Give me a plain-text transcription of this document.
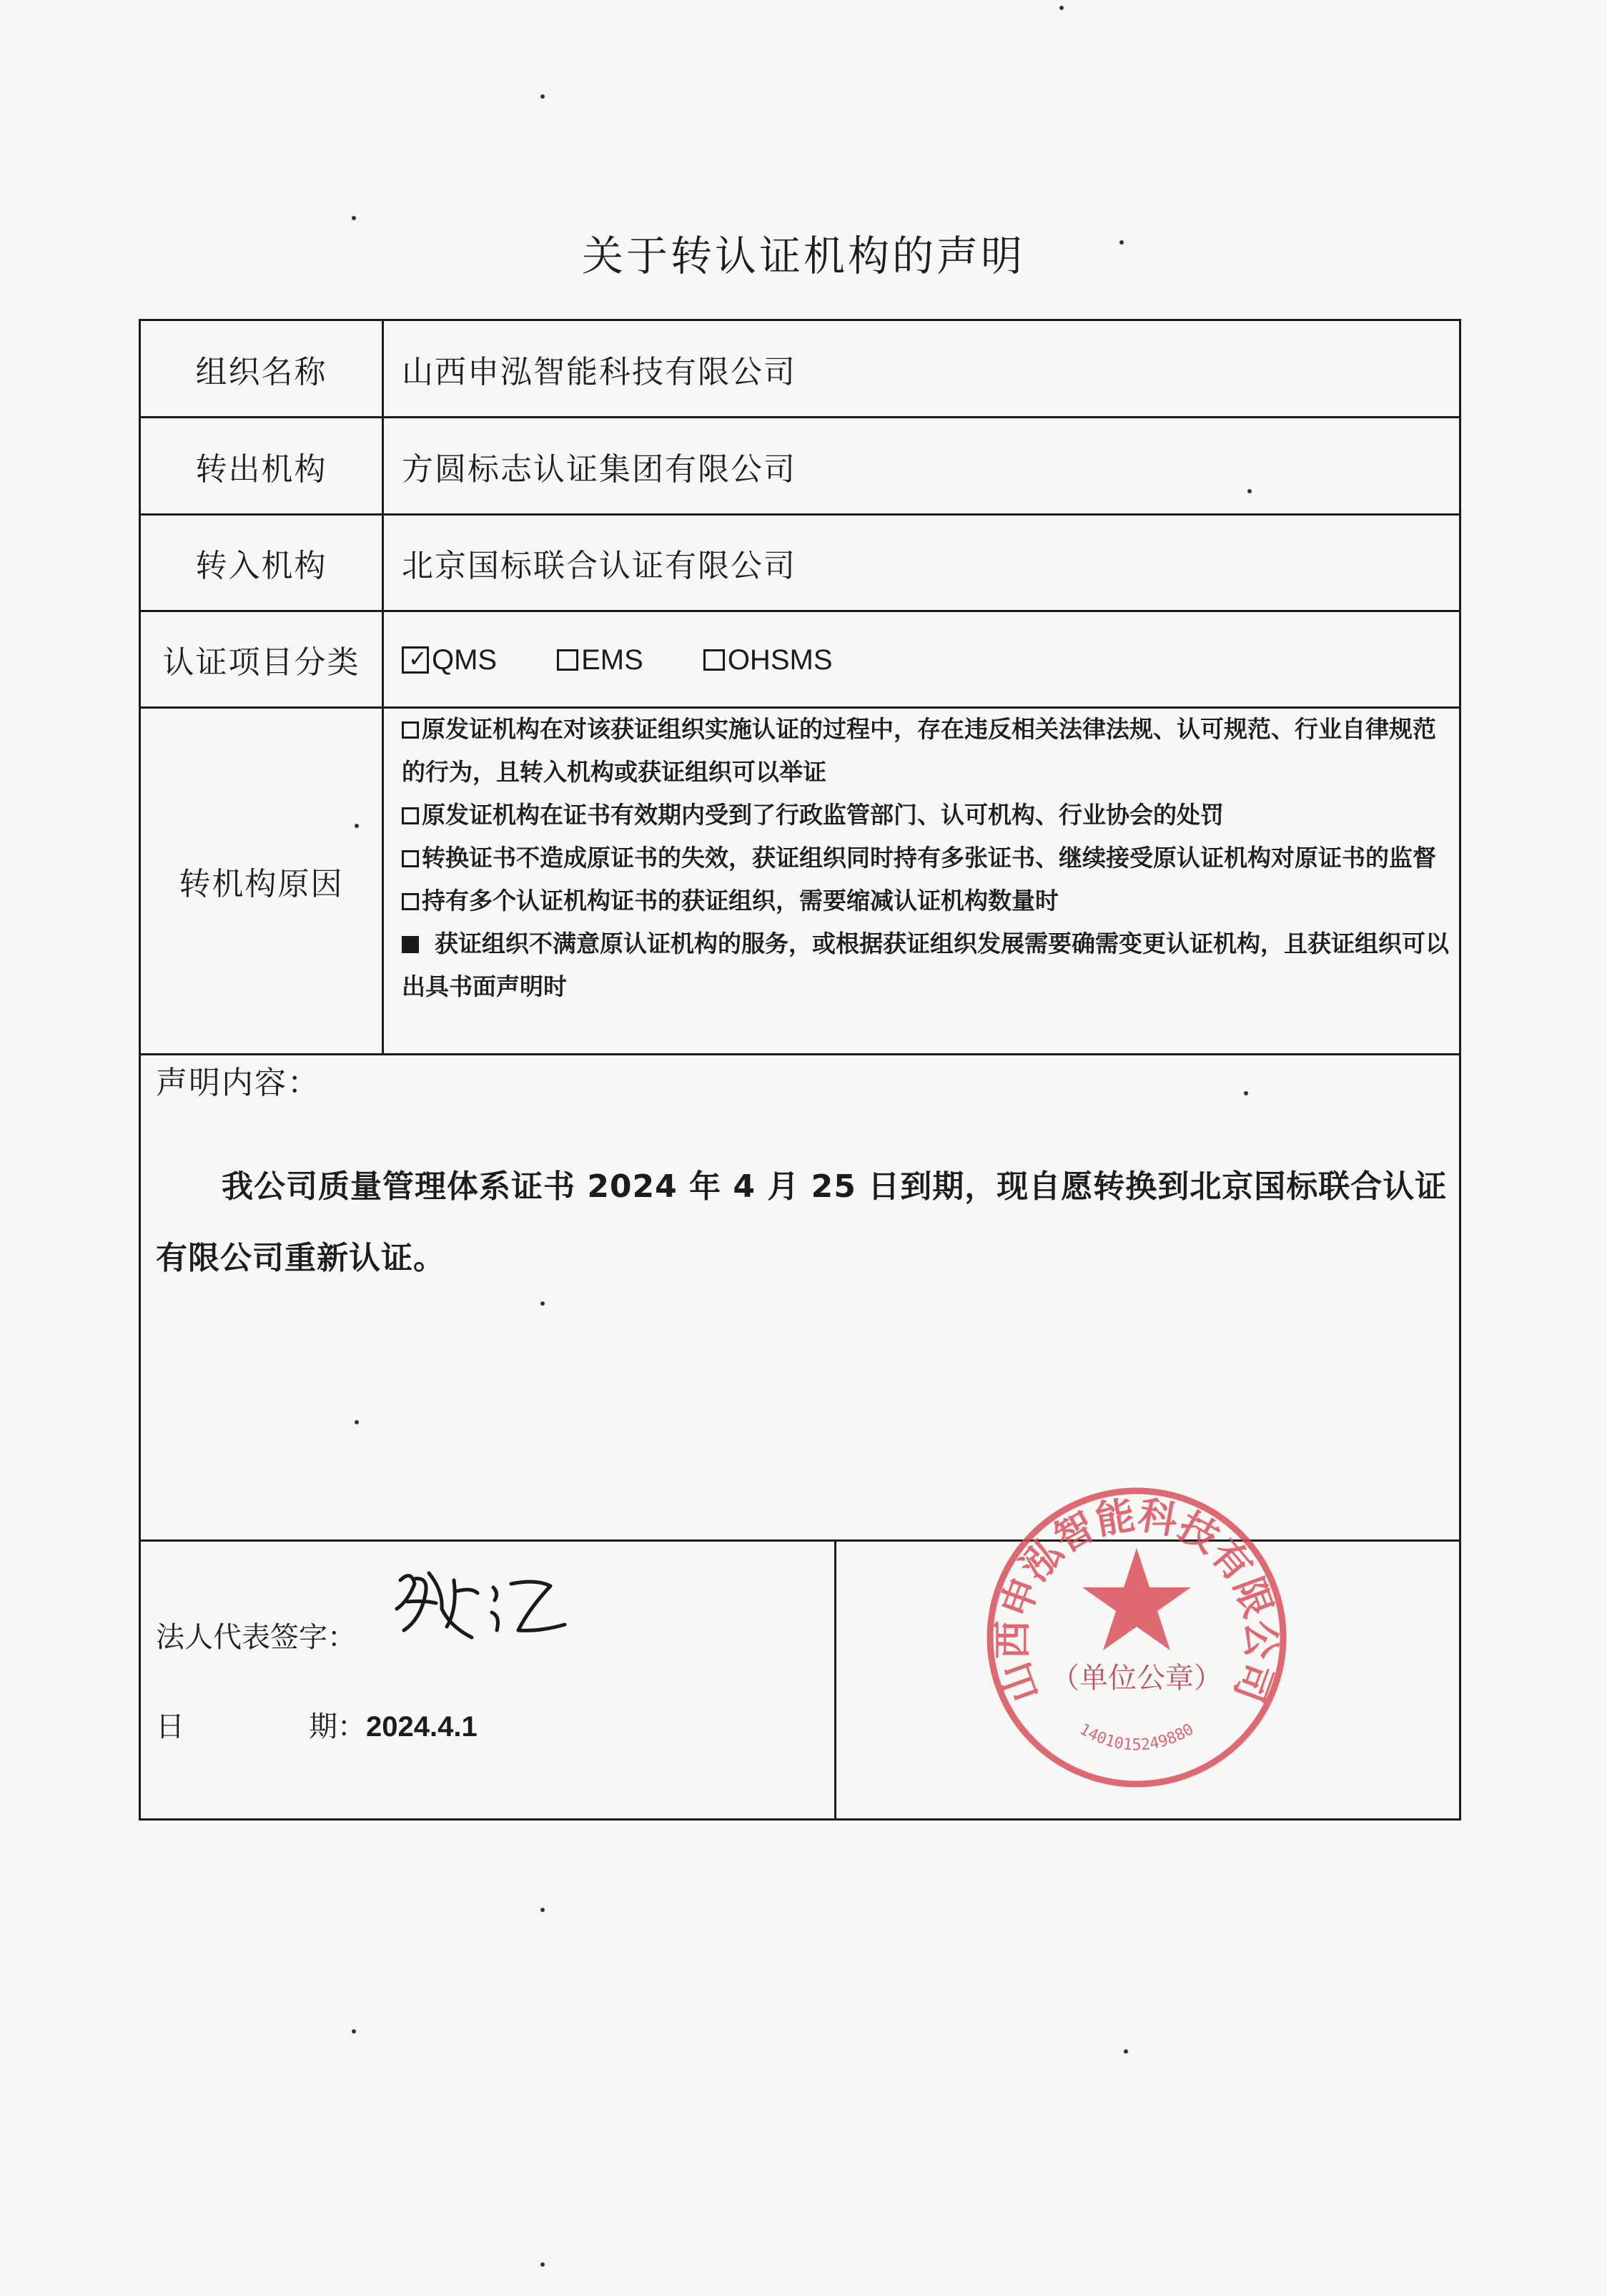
关于转认证机构的声明
组织名称	山西申泓智能科技有限公司
转出机构	方圆标志认证集团有限公司
转入机构	北京国标联合认证有限公司
认证项目分类	✓ QMS	EMS	OHSMS
转机构原因

原发证机构在对该获证组织实施认证的过程中，存在违反相关法律法规、认可规范、行业自律规范的行为，且转入机构或获证组织可以举证

原发证机构在证书有效期内受到了行政监管部门、认可机构、行业协会的处罚

转换证书不造成原证书的失效，获证组织同时持有多张证书、继续接受原认证机构对原证书的监督

持有多个认证机构证书的获证组织，需要缩减认证机构数量时

获证组织不满意原认证机构的服务，或根据获证组织发展需要确需变更认证机构，且获证组织可以出具书面声明时

声明内容：
我公司质量管理体系证书 2024 年 4 月 25 日到期，现自愿转换到北京国标联合认证有限公司重新认证。
法人代表签字：
日	期：2024.4.1
山西申泓智能科技有限公司
（单位公章）
1401015249880
